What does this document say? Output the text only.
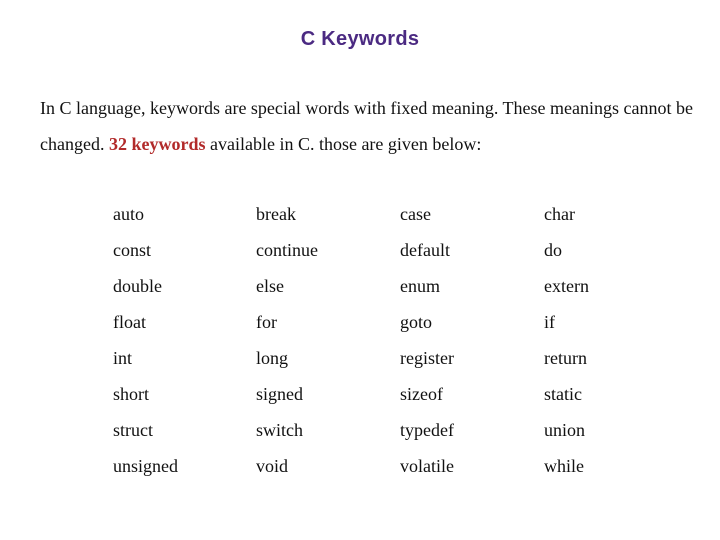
C Keywords

In C language, keywords are special words with fixed meaning. These meanings cannot be changed. 32 keywords available in C. those are given below:

auto	break	case	char
const	continue	default	do
double	else	enum	extern
float	for	goto	if
int	long	register	return
short	signed	sizeof	static
struct	switch	typedef	union
unsigned	void	volatile	while
